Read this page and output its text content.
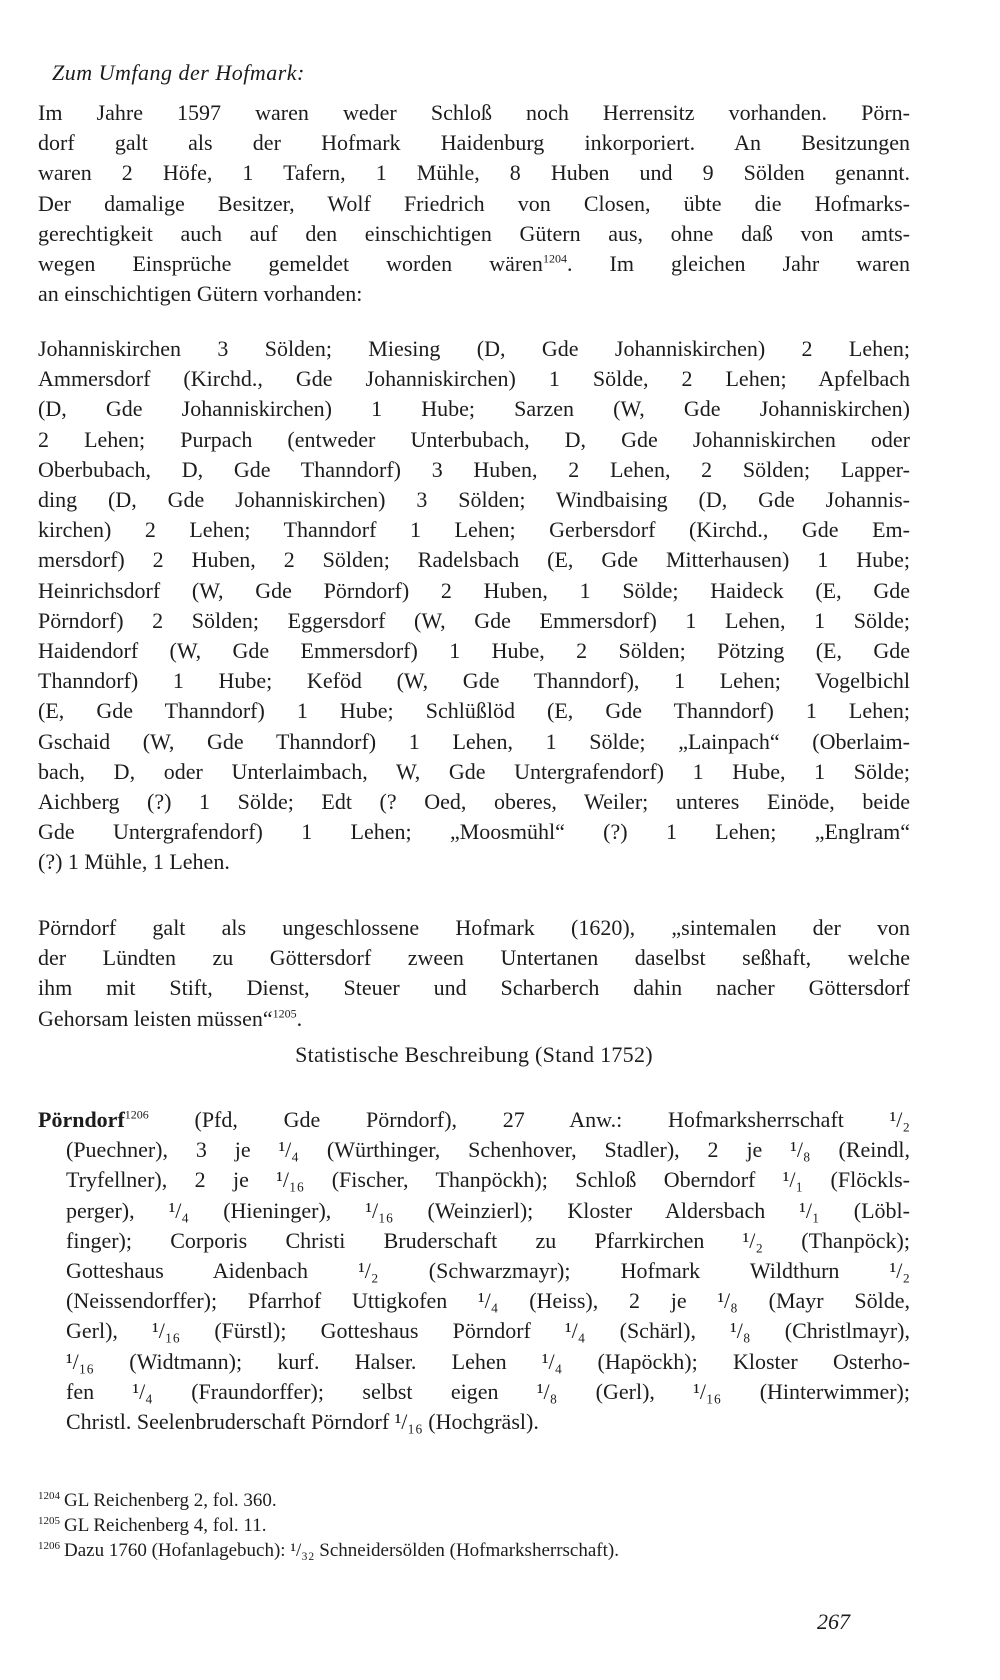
Zum Umfang der Hofmark:
Im Jahre 1597 waren weder Schloß noch Herrensitz vorhanden. Pörn-
dorf galt als der Hofmark Haidenburg inkorporiert. An Besitzungen
waren 2 Höfe, 1 Tafern, 1 Mühle, 8 Huben und 9 Sölden genannt.
Der damalige Besitzer, Wolf Friedrich von Closen, übte die Hofmarks-
gerechtigkeit auch auf den einschichtigen Gütern aus, ohne daß von amts-
wegen Einsprüche gemeldet worden wären$^{1204}$. Im gleichen Jahr waren
an einschichtigen Gütern vorhanden:
Johanniskirchen 3 Sölden; Miesing (D, Gde Johanniskirchen) 2 Lehen;
Ammersdorf (Kirchd., Gde Johanniskirchen) 1 Sölde, 2 Lehen; Apfelbach
(D, Gde Johanniskirchen) 1 Hube; Sarzen (W, Gde Johanniskirchen)
2 Lehen; Purpach (entweder Unterbubach, D, Gde Johanniskirchen oder
Oberbubach, D, Gde Thanndorf) 3 Huben, 2 Lehen, 2 Sölden; Lapper-
ding (D, Gde Johanniskirchen) 3 Sölden; Windbaising (D, Gde Johannis-
kirchen) 2 Lehen; Thanndorf 1 Lehen; Gerbersdorf (Kirchd., Gde Em-
mersdorf) 2 Huben, 2 Sölden; Radelsbach (E, Gde Mitterhausen) 1 Hube;
Heinrichsdorf (W, Gde Pörndorf) 2 Huben, 1 Sölde; Haideck (E, Gde
Pörndorf) 2 Sölden; Eggersdorf (W, Gde Emmersdorf) 1 Lehen, 1 Sölde;
Haidendorf (W, Gde Emmersdorf) 1 Hube, 2 Sölden; Pötzing (E, Gde
Thanndorf) 1 Hube; Keföd (W, Gde Thanndorf), 1 Lehen; Vogelbichl
(E, Gde Thanndorf) 1 Hube; Schlüßlöd (E, Gde Thanndorf) 1 Lehen;
Gschaid (W, Gde Thanndorf) 1 Lehen, 1 Sölde; „Lainpach“ (Oberlaim-
bach, D, oder Unterlaimbach, W, Gde Untergrafendorf) 1 Hube, 1 Sölde;
Aichberg (?) 1 Sölde; Edt (? Oed, oberes, Weiler; unteres Einöde, beide
Gde Untergrafendorf) 1 Lehen; „Moosmühl“ (?) 1 Lehen; „Englram“
(?) 1 Mühle, 1 Lehen.
Pörndorf galt als ungeschlossene Hofmark (1620), „sintemalen der von
der Lündten zu Göttersdorf zween Untertanen daselbst seßhaft, welche
ihm mit Stift, Dienst, Steuer und Scharberch dahin nacher Göttersdorf
Gehorsam leisten müssen“$^{1205}$.
Statistische Beschreibung (Stand 1752)
Pörndorf$^{1206}$ (Pfd, Gde Pörndorf), 27 Anw.: Hofmarksherrschaft ¹/₂
(Puechner), 3 je ¹/₄ (Würthinger, Schenhover, Stadler), 2 je ¹/₈ (Reindl,
Tryfellner), 2 je ¹/₁₆ (Fischer, Thanpöckh); Schloß Oberndorf ¹/₁ (Flöckls-
perger), ¹/₄ (Hieninger), ¹/₁₆ (Weinzierl); Kloster Aldersbach ¹/₁ (Löbl-
finger); Corporis Christi Bruderschaft zu Pfarrkirchen ¹/₂ (Thanpöck);
Gotteshaus Aidenbach ¹/₂ (Schwarzmayr); Hofmark Wildthurn ¹/₂
(Neissendorffer); Pfarrhof Uttigkofen ¹/₄ (Heiss), 2 je ¹/₈ (Mayr Sölde,
Gerl), ¹/₁₆ (Fürstl); Gotteshaus Pörndorf ¹/₄ (Schärl), ¹/₈ (Christlmayr),
¹/₁₆ (Widtmann); kurf. Halser. Lehen ¹/₄ (Hapöckh); Kloster Osterho-
fen ¹/₄ (Fraundorffer); selbst eigen ¹/₈ (Gerl), ¹/₁₆ (Hinterwimmer);
Christl. Seelenbruderschaft Pörndorf ¹/₁₆ (Hochgräsl).
$^{1204}$ GL Reichenberg 2, fol. 360.
$^{1205}$ GL Reichenberg 4, fol. 11.
$^{1206}$ Dazu 1760 (Hofanlagebuch): ¹/₃₂ Schneidersölden (Hofmarksherrschaft).
267
